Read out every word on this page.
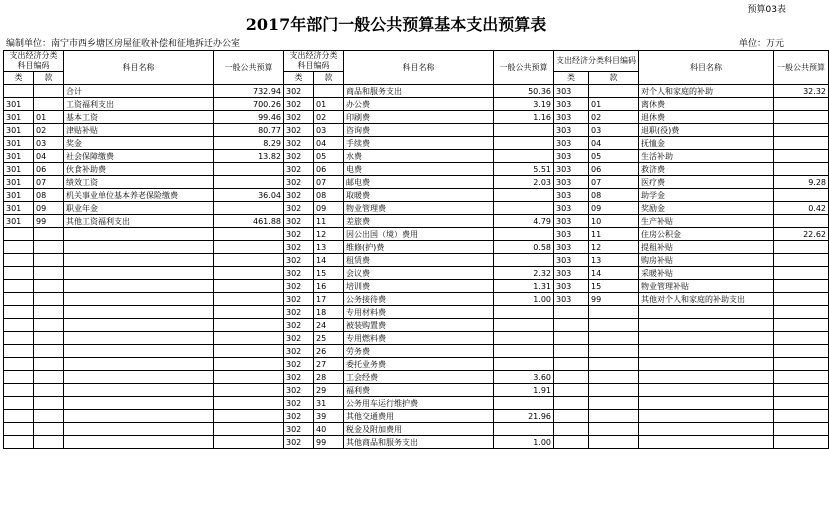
预算03表
2017年部门一般公共预算基本支出预算表
编制单位：南宁市西乡塘区房屋征收补偿和征地拆迁办公室	单位：万元
支出经济分类科目编码		科目名称	一般公共预算	支出经济分类科目编码		科目名称	一般公共预算	支出经济分类科目编码		科目名称	一般公共预算
类	款			类	款			类	款		
		合计	732.94	302		商品和服务支出	50.36	303		对个人和家庭的补助	32.32
301		工资福利支出	700.26	302	01	办公费	3.19	303	01	离休费	
301	01	基本工资	99.46	302	02	印刷费	1.16	303	02	退休费	
301	02	津贴补贴	80.77	302	03	咨询费		303	03	退职(役)费	
301	03	奖金	8.29	302	04	手续费		303	04	抚恤金	
301	04	社会保障缴费	13.82	302	05	水费		303	05	生活补助	
301	06	伙食补助费		302	06	电费	5.51	303	06	救济费	
301	07	绩效工资		302	07	邮电费	2.03	303	07	医疗费	9.28
301	08	机关事业单位基本养老保险缴费	36.04	302	08	取暖费		303	08	助学金	
301	09	职业年金		302	09	物业管理费		303	09	奖励金	0.42
301	99	其他工资福利支出	461.88	302	11	差旅费	4.79	303	10	生产补贴	
				302	12	因公出国（境）费用		303	11	住房公积金	22.62
				302	13	维修(护)费	0.58	303	12	提租补贴	
				302	14	租赁费		303	13	购房补贴	
				302	15	会议费	2.32	303	14	采暖补贴	
				302	16	培训费	1.31	303	15	物业管理补贴	
				302	17	公务接待费	1.00	303	99	其他对个人和家庭的补助支出	
				302	18	专用材料费					
				302	24	被装购置费					
				302	25	专用燃料费					
				302	26	劳务费					
				302	27	委托业务费					
				302	28	工会经费	3.60				
				302	29	福利费	1.91				
				302	31	公务用车运行维护费					
				302	39	其他交通费用	21.96				
				302	40	税金及附加费用					
				302	99	其他商品和服务支出	1.00				
